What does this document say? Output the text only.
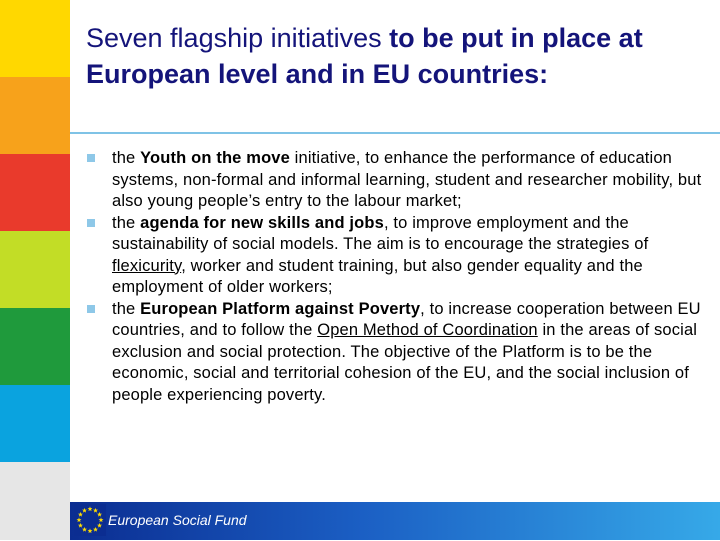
Seven flagship initiatives to be put in place at European level and in EU countries:
the Youth on the move initiative, to enhance the performance of education systems, non-formal and informal learning, student and researcher mobility, but also young people’s entry to the labour market;
the agenda for new skills and jobs, to improve employment and the sustainability of social models. The aim is to encourage the strategies of flexicurity, worker and student training, but also gender equality and the employment of older workers;
the European Platform against Poverty, to increase cooperation between EU countries, and to follow the Open Method of Coordination in the areas of social exclusion and social protection. The objective of the Platform is to be the economic, social and territorial cohesion of the EU, and the social inclusion of people experiencing poverty.
European Social Fund
